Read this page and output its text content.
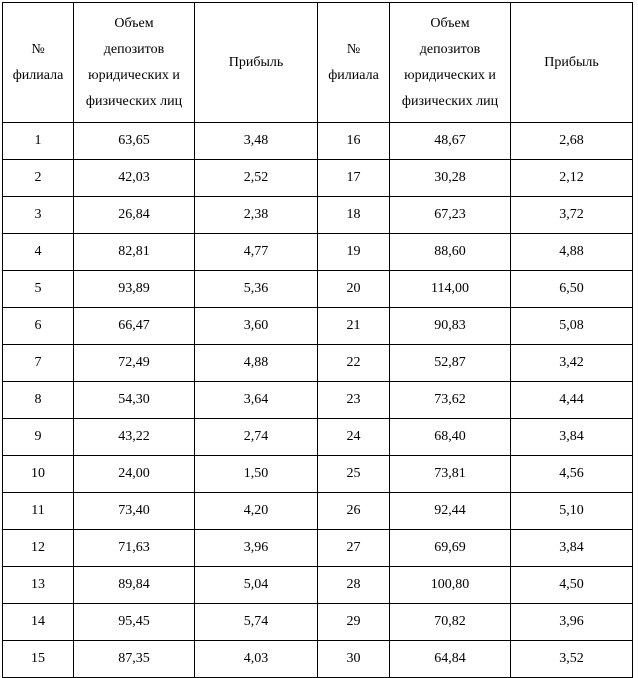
№
филиала	Объем
депозитов
юридических и
физических лиц	Прибыль	№
филиала	Объем
депозитов
юридических и
физических лиц	Прибыль
1	63,65	3,48	16	48,67	2,68
2	42,03	2,52	17	30,28	2,12
3	26,84	2,38	18	67,23	3,72
4	82,81	4,77	19	88,60	4,88
5	93,89	5,36	20	114,00	6,50
6	66,47	3,60	21	90,83	5,08
7	72,49	4,88	22	52,87	3,42
8	54,30	3,64	23	73,62	4,44
9	43,22	2,74	24	68,40	3,84
10	24,00	1,50	25	73,81	4,56
11	73,40	4,20	26	92,44	5,10
12	71,63	3,96	27	69,69	3,84
13	89,84	5,04	28	100,80	4,50
14	95,45	5,74	29	70,82	3,96
15	87,35	4,03	30	64,84	3,52
